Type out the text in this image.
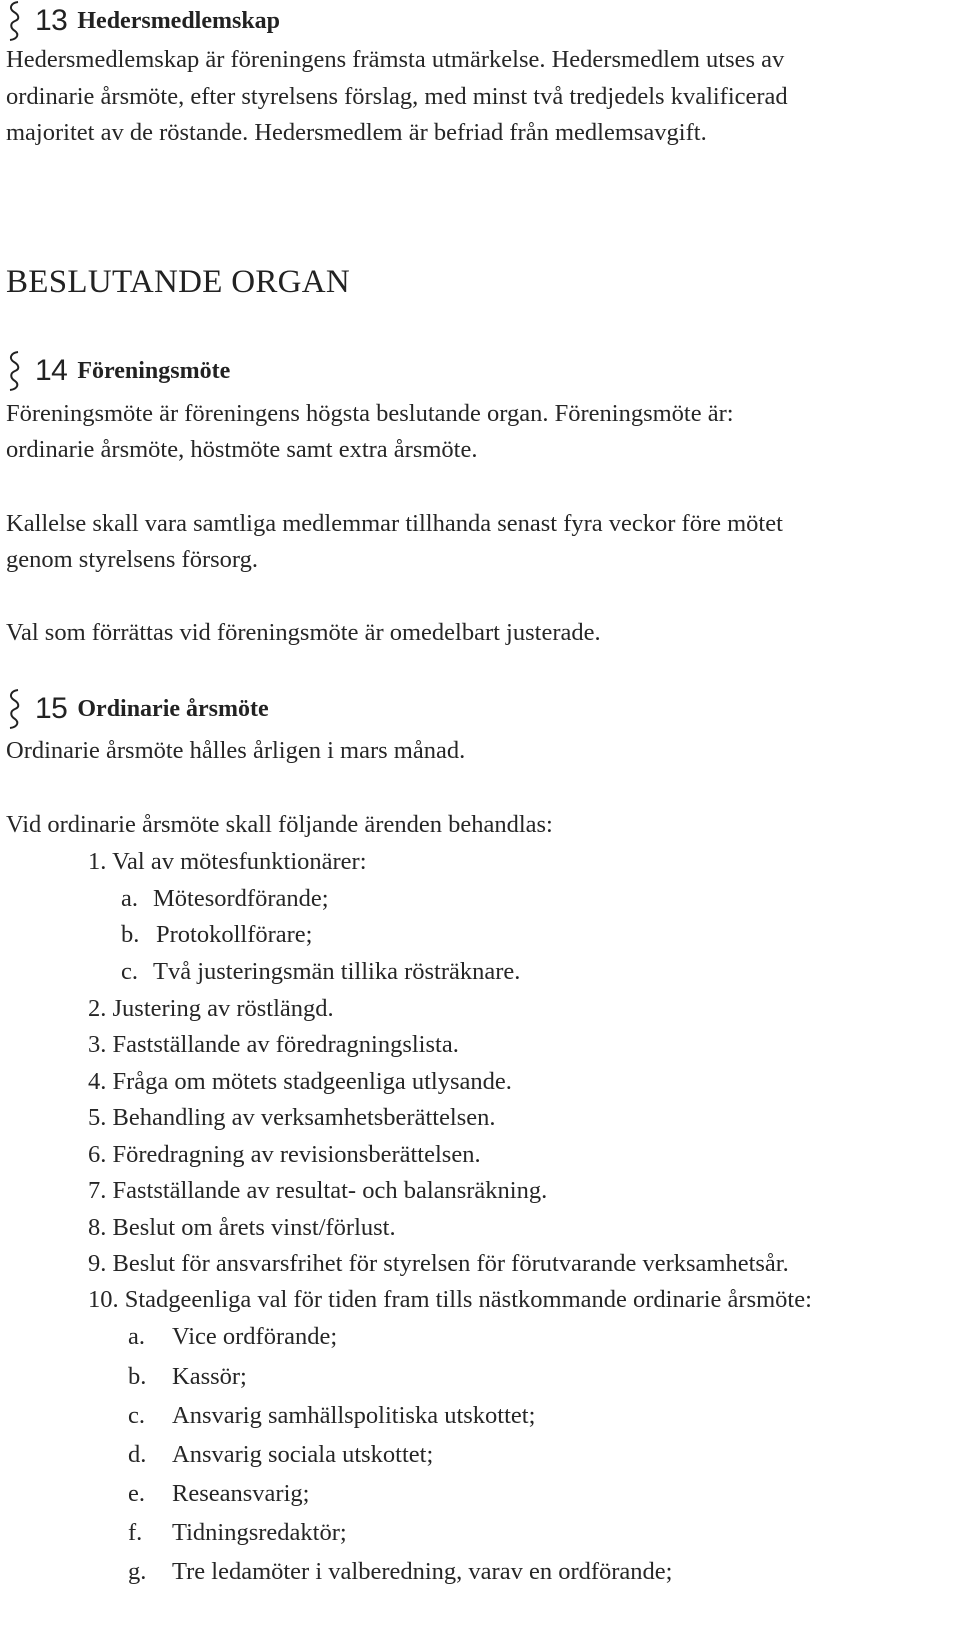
13 Hedersmedlemskap
Hedersmedlemskap är föreningens främsta utmärkelse. Hedersmedlem utses av
ordinarie årsmöte, efter styrelsens förslag, med minst två tredjedels kvalificerad
majoritet av de röstande. Hedersmedlem är befriad från medlemsavgift.
BESLUTANDE ORGAN
14 Föreningsmöte
Föreningsmöte är föreningens högsta beslutande organ. Föreningsmöte är:
ordinarie årsmöte, höstmöte samt extra årsmöte.
Kallelse skall vara samtliga medlemmar tillhanda senast fyra veckor före mötet
genom styrelsens försorg.
Val som förrättas vid föreningsmöte är omedelbart justerade.
15 Ordinarie årsmöte
Ordinarie årsmöte hålles årligen i mars månad.
Vid ordinarie årsmöte skall följande ärenden behandlas:
1. Val av mötesfunktionärer:
a. Mötesordförande;
b. Protokollförare;
c. Två justeringsmän tillika rösträknare.
2. Justering av röstlängd.
3. Fastställande av föredragningslista.
4. Fråga om mötets stadgeenliga utlysande.
5. Behandling av verksamhetsberättelsen.
6. Föredragning av revisionsberättelsen.
7. Fastställande av resultat- och balansräkning.
8. Beslut om årets vinst/förlust.
9. Beslut för ansvarsfrihet för styrelsen för förutvarande verksamhetsår.
10. Stadgeenliga val för tiden fram tills nästkommande ordinarie årsmöte:
a. Vice ordförande;
b. Kassör;
c. Ansvarig samhällspolitiska utskottet;
d. Ansvarig sociala utskottet;
e. Reseansvarig;
f. Tidningsredaktör;
g. Tre ledamöter i valberedning, varav en ordförande;
